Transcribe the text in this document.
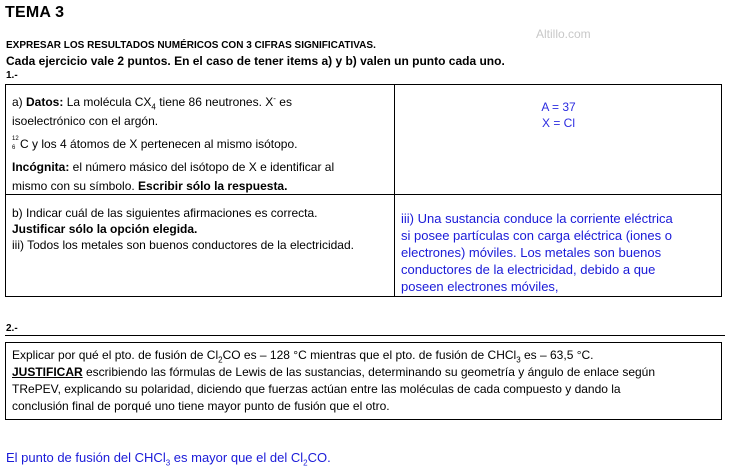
TEMA 3
Altillo.com
EXPRESAR LOS RESULTADOS NUMÉRICOS CON 3 CIFRAS SIGNIFICATIVAS.
Cada ejercicio vale 2 puntos. En el caso de tener items a) y b) valen un punto cada uno.
1.-
a) Datos: La molécula $CX_4$ tiene 86 neutrones. X- es
isoelectrónico con el argón.
12
6 C y los 4 átomos de X pertenecen al mismo isótopo.
Incógnita: el número másico del isótopo de X e identificar al
mismo con su símbolo. Escribir sólo la respuesta.
A = 37
X = Cl
b) Indicar cuál de las siguientes afirmaciones es correcta.
Justificar sólo la opción elegida.
iii) Todos los metales son buenos conductores de la electricidad.
iii) Una sustancia conduce la corriente eléctrica
si posee partículas con carga eléctrica (iones o
electrones) móviles. Los metales son buenos
conductores de la electricidad, debido a que
poseen electrones móviles,
2.-
Explicar por qué el pto. de fusión de $Cl_2CO$ es – 128 °C mientras que el pto. de fusión de CHCl$_3$ es – 63,5 °C.
JUSTIFICAR escribiendo las fórmulas de Lewis de las sustancias, determinando su geometría y ángulo de enlace según
TRePEV, explicando su polaridad, diciendo que fuerzas actúan entre las moléculas de cada compuesto y dando la
conclusión final de porqué uno tiene mayor punto de fusión que el otro.
El punto de fusión del CHCl$_3$ es mayor que el del $Cl_2CO$.
